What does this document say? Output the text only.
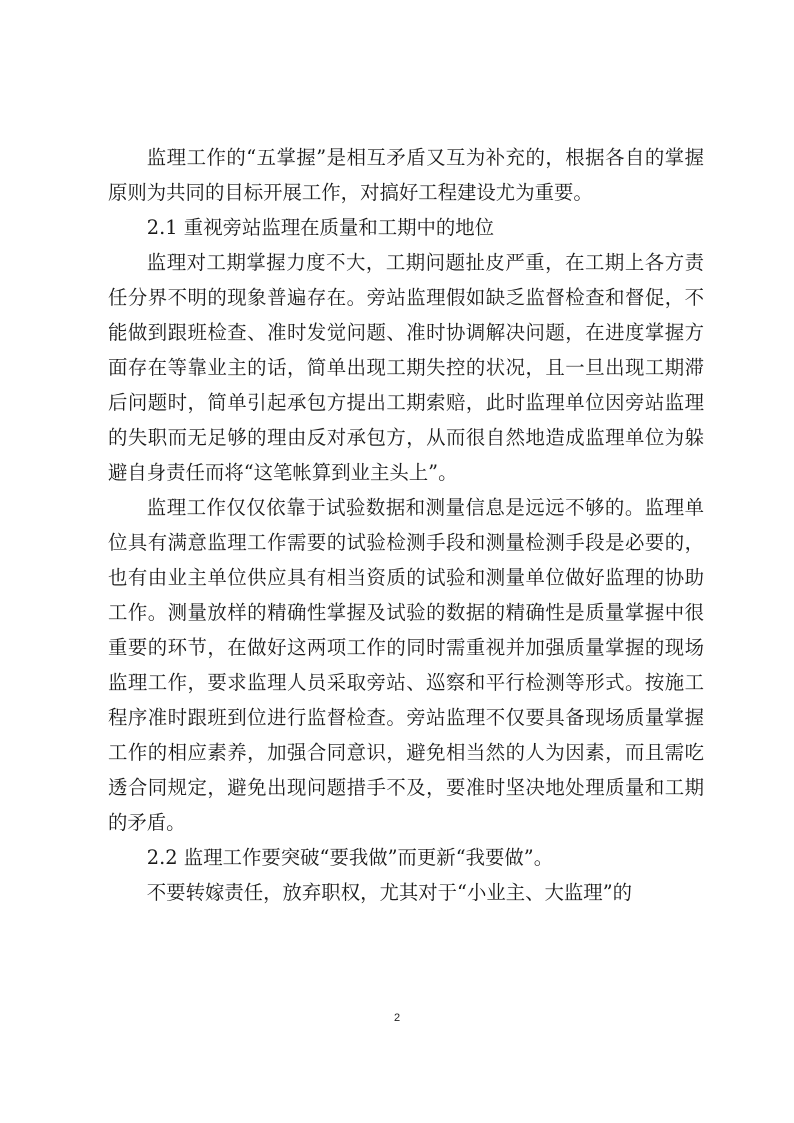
监理工作的“五掌握”是相互矛盾又互为补充的，根据各自的掌握原则为共同的目标开展工作，对搞好工程建设尤为重要。

2.1 重视旁站监理在质量和工期中的地位

监理对工期掌握力度不大，工期问题扯皮严重，在工期上各方责任分界不明的现象普遍存在。旁站监理假如缺乏监督检查和督促，不能做到跟班检查、准时发觉问题、准时协调解决问题，在进度掌握方面存在等靠业主的话，简单出现工期失控的状况，且一旦出现工期滞后问题时，简单引起承包方提出工期索赔，此时监理单位因旁站监理的失职而无足够的理由反对承包方，从而很自然地造成监理单位为躲避自身责任而将“这笔帐算到业主头上”。

监理工作仅仅依靠于试验数据和测量信息是远远不够的。监理单位具有满意监理工作需要的试验检测手段和测量检测手段是必要的，也有由业主单位供应具有相当资质的试验和测量单位做好监理的协助工作。测量放样的精确性掌握及试验的数据的精确性是质量掌握中很重要的环节，在做好这两项工作的同时需重视并加强质量掌握的现场监理工作，要求监理人员采取旁站、巡察和平行检测等形式。按施工程序准时跟班到位进行监督检查。旁站监理不仅要具备现场质量掌握工作的相应素养，加强合同意识，避免相当然的人为因素，而且需吃透合同规定，避免出现问题措手不及，要准时坚决地处理质量和工期的矛盾。

2.2 监理工作要突破“要我做”而更新“我要做”。

不要转嫁责任，放弃职权，尤其对于“小业主、大监理”的

2
